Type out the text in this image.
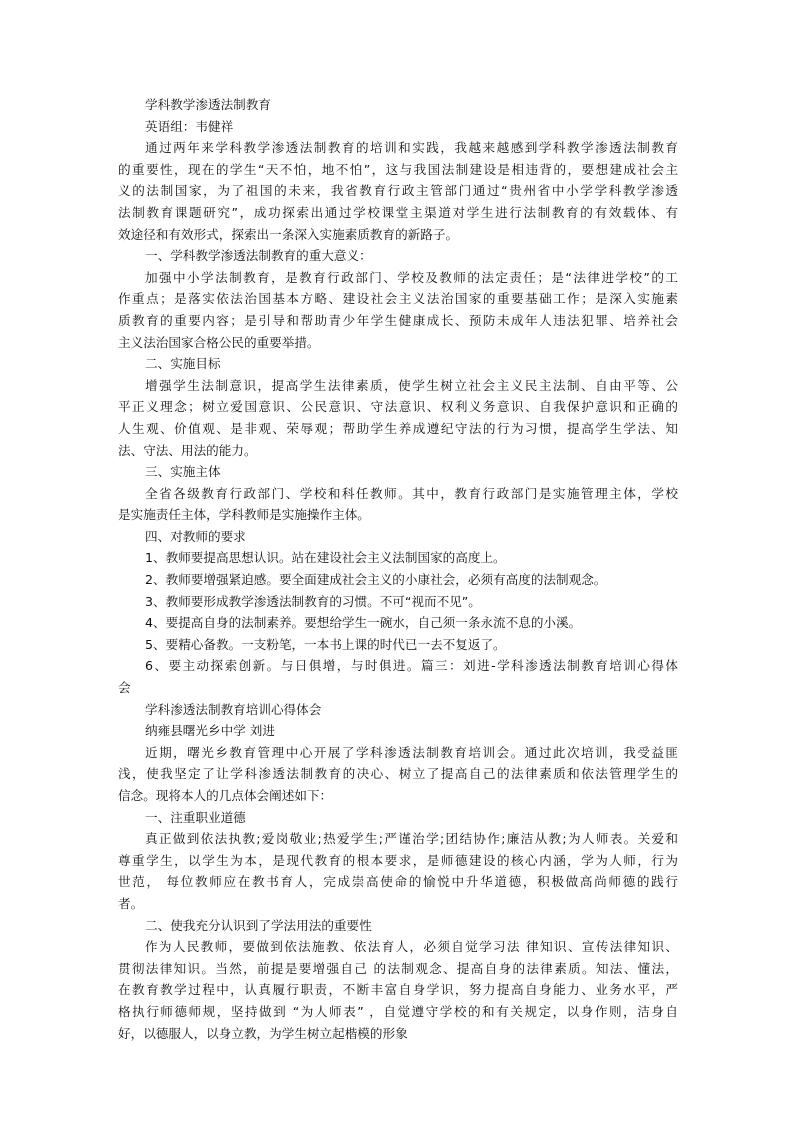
学科教学渗透法制教育
英语组：韦健祥
通过两年来学科教学渗透法制教育的培训和实践，我越来越感到学科教学渗透法制教育
的重要性，现在的学生“天不怕，地不怕”，这与我国法制建设是相违背的，要想建成社会主
义的法制国家，为了祖国的未来，我省教育行政主管部门通过“贵州省中小学学科教学渗透
法制教育课题研究”，成功探索出通过学校课堂主渠道对学生进行法制教育的有效载体、有
效途径和有效形式，探索出一条深入实施素质教育的新路子。
一、学科教学渗透法制教育的重大意义：
加强中小学法制教育，是教育行政部门、学校及教师的法定责任；是“法律进学校”的工
作重点；是落实依法治国基本方略、建设社会主义法治国家的重要基础工作；是深入实施素
质教育的重要内容；是引导和帮助青少年学生健康成长、预防未成年人违法犯罪、培养社会
主义法治国家合格公民的重要举措。
二、实施目标
增强学生法制意识，提高学生法律素质，使学生树立社会主义民主法制、自由平等、公
平正义理念；树立爱国意识、公民意识、守法意识、权利义务意识、自我保护意识和正确的
人生观、价值观、是非观、荣辱观；帮助学生养成遵纪守法的行为习惯，提高学生学法、知
法、守法、用法的能力。
三、实施主体
全省各级教育行政部门、学校和科任教师。其中，教育行政部门是实施管理主体，学校
是实施责任主体，学科教师是实施操作主体。
四、对教师的要求
1、教师要提高思想认识。站在建设社会主义法制国家的高度上。
2、教师要增强紧迫感。要全面建成社会主义的小康社会，必须有高度的法制观念。
3、教师要形成教学渗透法制教育的习惯。不可“视而不见”。
4、要提高自身的法制素养。要想给学生一碗水，自己须一条永流不息的小溪。
5、要精心备教。一支粉笔，一本书上课的时代已一去不复返了。
6、要主动探索创新。与日俱增，与时俱进。篇三：刘进-学科渗透法制教育培训心得体
会
学科渗透法制教育培训心得体会
纳雍县曙光乡中学 刘进
近期，曙光乡教育管理中心开展了学科渗透法制教育培训会。通过此次培训，我受益匪
浅，使我坚定了让学科渗透法制教育的决心、树立了提高自己的法律素质和依法管理学生的
信念。现将本人的几点体会阐述如下：
一、注重职业道德
真正做到依法执教;爱岗敬业;热爱学生;严谨治学;团结协作;廉洁从教;为人师表。关爱和
尊重学生，以学生为本，是现代教育的根本要求，是师德建设的核心内涵，学为人师，行为
世范， 每位教师应在教书育人，完成崇高使命的愉悦中升华道德，积极做高尚师德的践行
者。
二、使我充分认识到了学法用法的重要性
作为人民教师，要做到依法施教、依法育人，必须自觉学习法 律知识、宣传法律知识、
贯彻法律知识。当然，前提是要增强自己 的法制观念、提高自身的法律素质。知法、懂法，
在教育教学过程中，认真履行职责，不断丰富自身学识，努力提高自身能力、业务水平，严
格执行师德师规，坚持做到 “为人师表” ，自觉遵守学校的和有关规定，以身作则，洁身自
好，以德服人，以身立教，为学生树立起楷模的形象
